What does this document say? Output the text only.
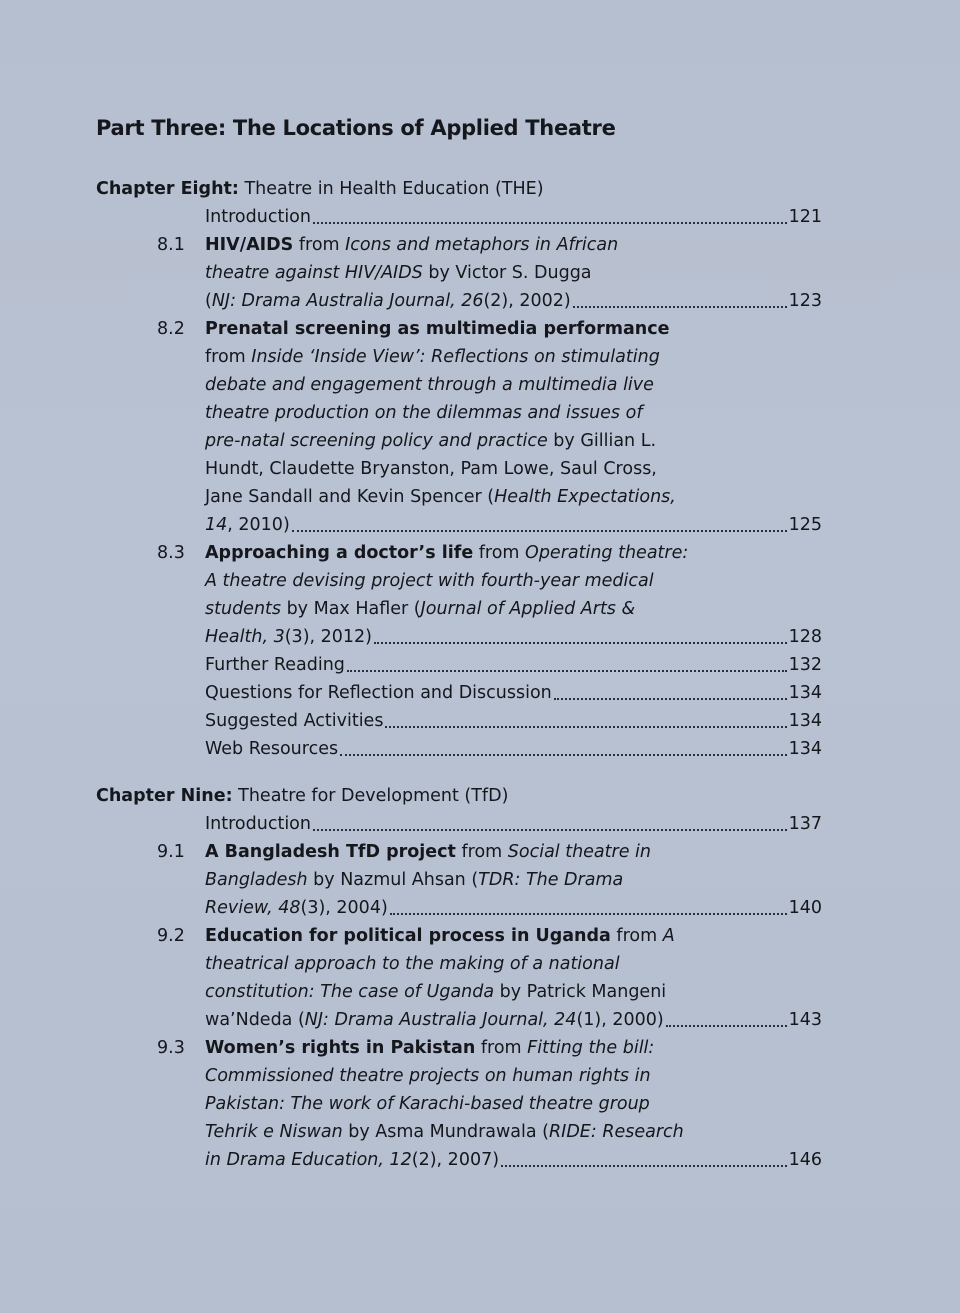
Part Three: The Locations of Applied Theatre
Chapter Eight: Theatre in Health Education (THE)
Introduction	121
8.1 HIV/AIDS from Icons and metaphors in African
theatre against HIV/AIDS by Victor S. Dugga
(NJ: Drama Australia Journal, 26(2), 2002)	123
8.2 Prenatal screening as multimedia performance
from Inside ‘Inside View’: Reflections on stimulating
debate and engagement through a multimedia live
theatre production on the dilemmas and issues of
pre-natal screening policy and practice by Gillian L.
Hundt, Claudette Bryanston, Pam Lowe, Saul Cross,
Jane Sandall and Kevin Spencer (Health Expectations,
14, 2010)	125
8.3 Approaching a doctor’s life from Operating theatre:
A theatre devising project with fourth-year medical
students by Max Hafler (Journal of Applied Arts &
Health, 3(3), 2012)	128
Further Reading	132
Questions for Reflection and Discussion	134
Suggested Activities	134
Web Resources	134
Chapter Nine: Theatre for Development (TfD)
Introduction	137
9.1 A Bangladesh TfD project from Social theatre in
Bangladesh by Nazmul Ahsan (TDR: The Drama
Review, 48(3), 2004)	140
9.2 Education for political process in Uganda from A
theatrical approach to the making of a national
constitution: The case of Uganda by Patrick Mangeni
wa’Ndeda (NJ: Drama Australia Journal, 24(1), 2000)	143
9.3 Women’s rights in Pakistan from Fitting the bill:
Commissioned theatre projects on human rights in
Pakistan: The work of Karachi-based theatre group
Tehrik e Niswan by Asma Mundrawala (RIDE: Research
in Drama Education, 12(2), 2007)	146
